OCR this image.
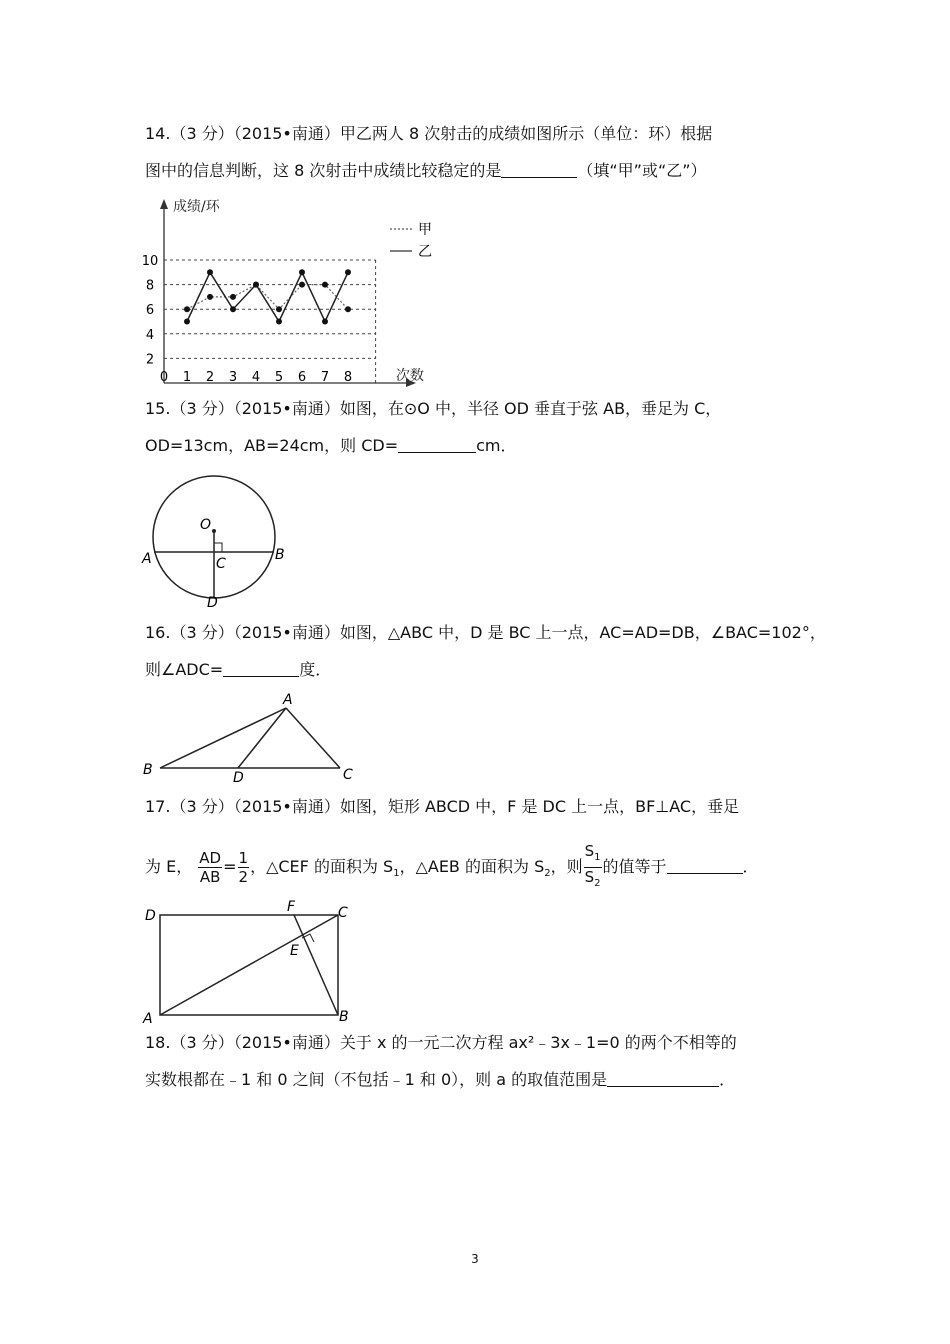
14.（3 分）（2015•南通）甲乙两人 8 次射击的成绩如图所示（单位：环）根据
图中的信息判断，这 8 次射击中成绩比较稳定的是	（填“甲”或“乙”）
成绩/环
次数
2
4
6
8
10
0 1 2 3 4 5 6 7 8
甲
乙
15.（3 分）（2015•南通）如图，在⊙O 中，半径 OD 垂直于弦 AB，垂足为 C，
OD=13cm，AB=24cm，则 CD=	cm．
O
A	B
C
D
16.（3 分）（2015•南通）如图，△ABC 中，D 是 BC 上一点，AC=AD=DB，∠BAC=102°，
则∠ADC=	度．
A
B	C
D
17.（3 分）（2015•南通）如图，矩形 ABCD 中，F 是 DC 上一点，BF⊥AC，垂足
为 E， $\frac{AD}{AB} = \frac{1}{2}$ ，△CEF 的面积为 $S_1$，△AEB 的面积为 $S_2$，则 $\frac{S_1}{S_2}$ 的值等于	．
D	C
A	B
F
E
18.（3 分）（2015•南通）关于 x 的一元二次方程 ax²﹣3x﹣1=0 的两个不相等的
实数根都在﹣1 和 0 之间（不包括﹣1 和 0），则 a 的取值范围是	．
3
